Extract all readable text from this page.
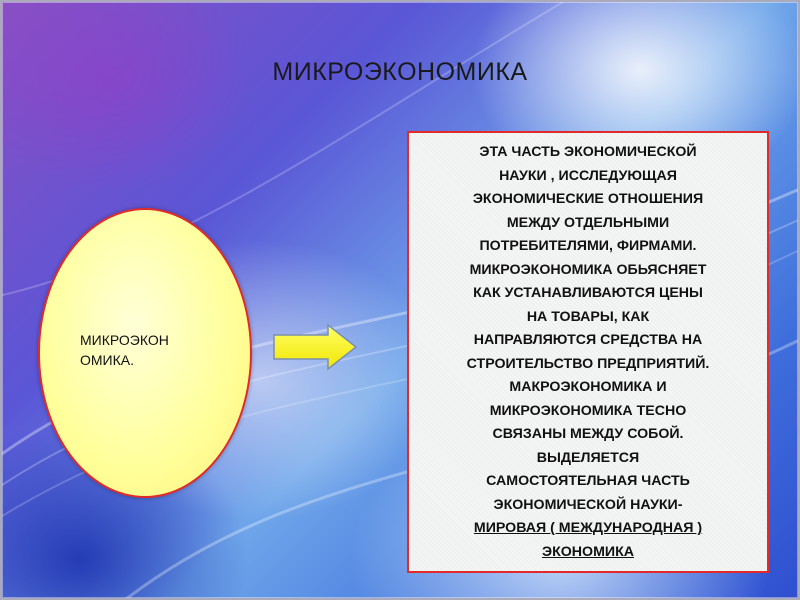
МИКРОЭКОНОМИКА
МИКРОЭКОН
ОМИКА.
ЭТА ЧАСТЬ ЭКОНОМИЧЕСКОЙ
НАУКИ , ИССЛЕДУЮЩАЯ
ЭКОНОМИЧЕСКИЕ ОТНОШЕНИЯ
МЕЖДУ ОТДЕЛЬНЫМИ
ПОТРЕБИТЕЛЯМИ, ФИРМАМИ.
МИКРОЭКОНОМИКА ОБЬЯСНЯЕТ
КАК УСТАНАВЛИВАЮТСЯ ЦЕНЫ
НА ТОВАРЫ, КАК
НАПРАВЛЯЮТСЯ СРЕДСТВА НА
СТРОИТЕЛЬСТВО ПРЕДПРИЯТИЙ.
МАКРОЭКОНОМИКА И
МИКРОЭКОНОМИКА ТЕСНО
СВЯЗАНЫ МЕЖДУ СОБОЙ.
ВЫДЕЛЯЕТСЯ
САМОСТОЯТЕЛЬНАЯ ЧАСТЬ
ЭКОНОМИЧЕСКОЙ НАУКИ-
МИРОВАЯ ( МЕЖДУНАРОДНАЯ )
ЭКОНОМИКА
